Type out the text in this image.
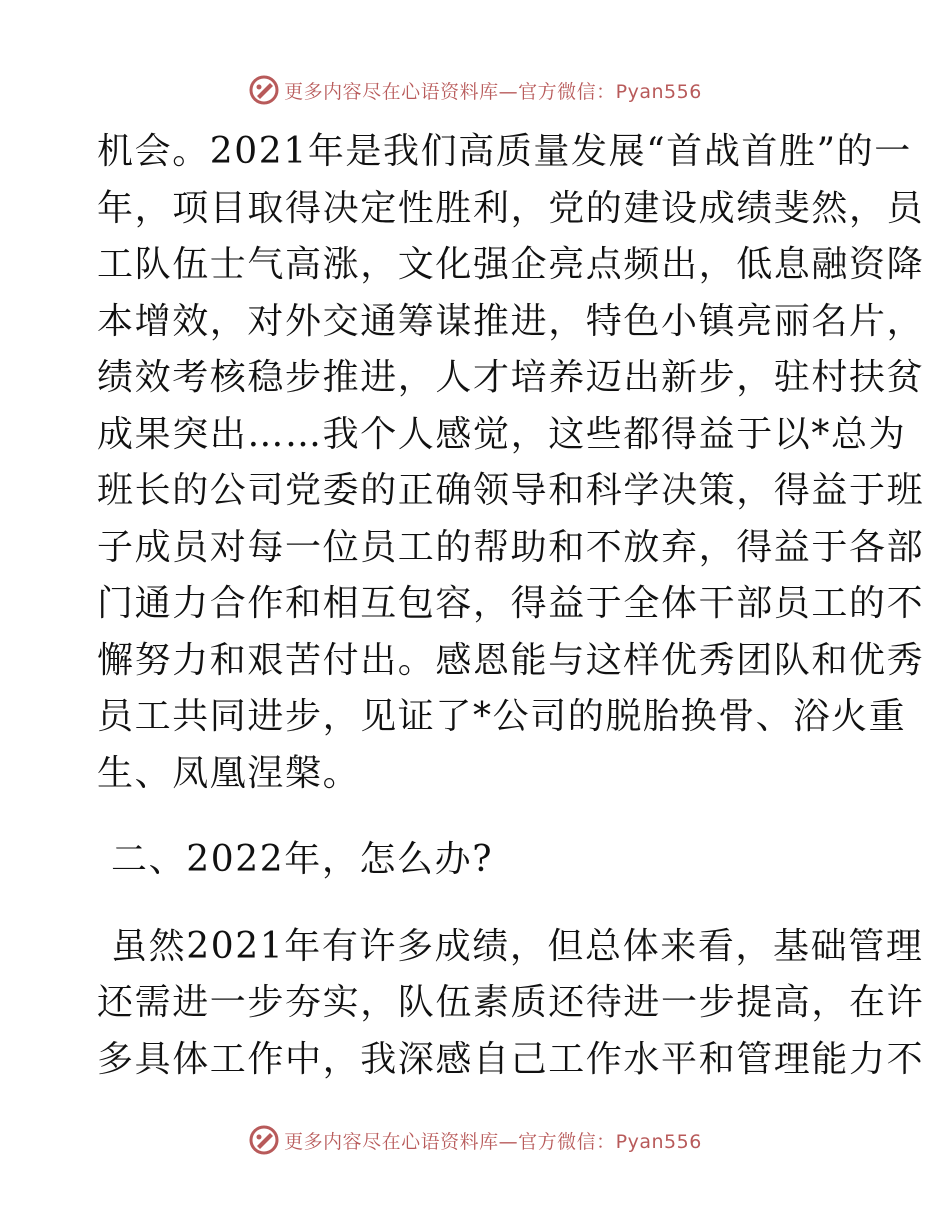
更多内容尽在心语资料库—官方微信：Pyan556
机会。2021年是我们高质量发展“首战首胜”的一
年，项目取得决定性胜利，党的建设成绩斐然，员
工队伍士气高涨，文化强企亮点频出，低息融资降
本增效，对外交通筹谋推进，特色小镇亮丽名片，
绩效考核稳步推进，人才培养迈出新步，驻村扶贫
成果突出……我个人感觉，这些都得益于以*总为
班长的公司党委的正确领导和科学决策，得益于班
子成员对每一位员工的帮助和不放弃，得益于各部
门通力合作和相互包容，得益于全体干部员工的不
懈努力和艰苦付出。感恩能与这样优秀团队和优秀
员工共同进步，见证了*公司的脱胎换骨、浴火重
生、凤凰涅槃。
二、2022年，怎么办?
虽然2021年有许多成绩，但总体来看，基础管理
还需进一步夯实，队伍素质还待进一步提高，在许
多具体工作中，我深感自己工作水平和管理能力不
更多内容尽在心语资料库—官方微信：Pyan556
